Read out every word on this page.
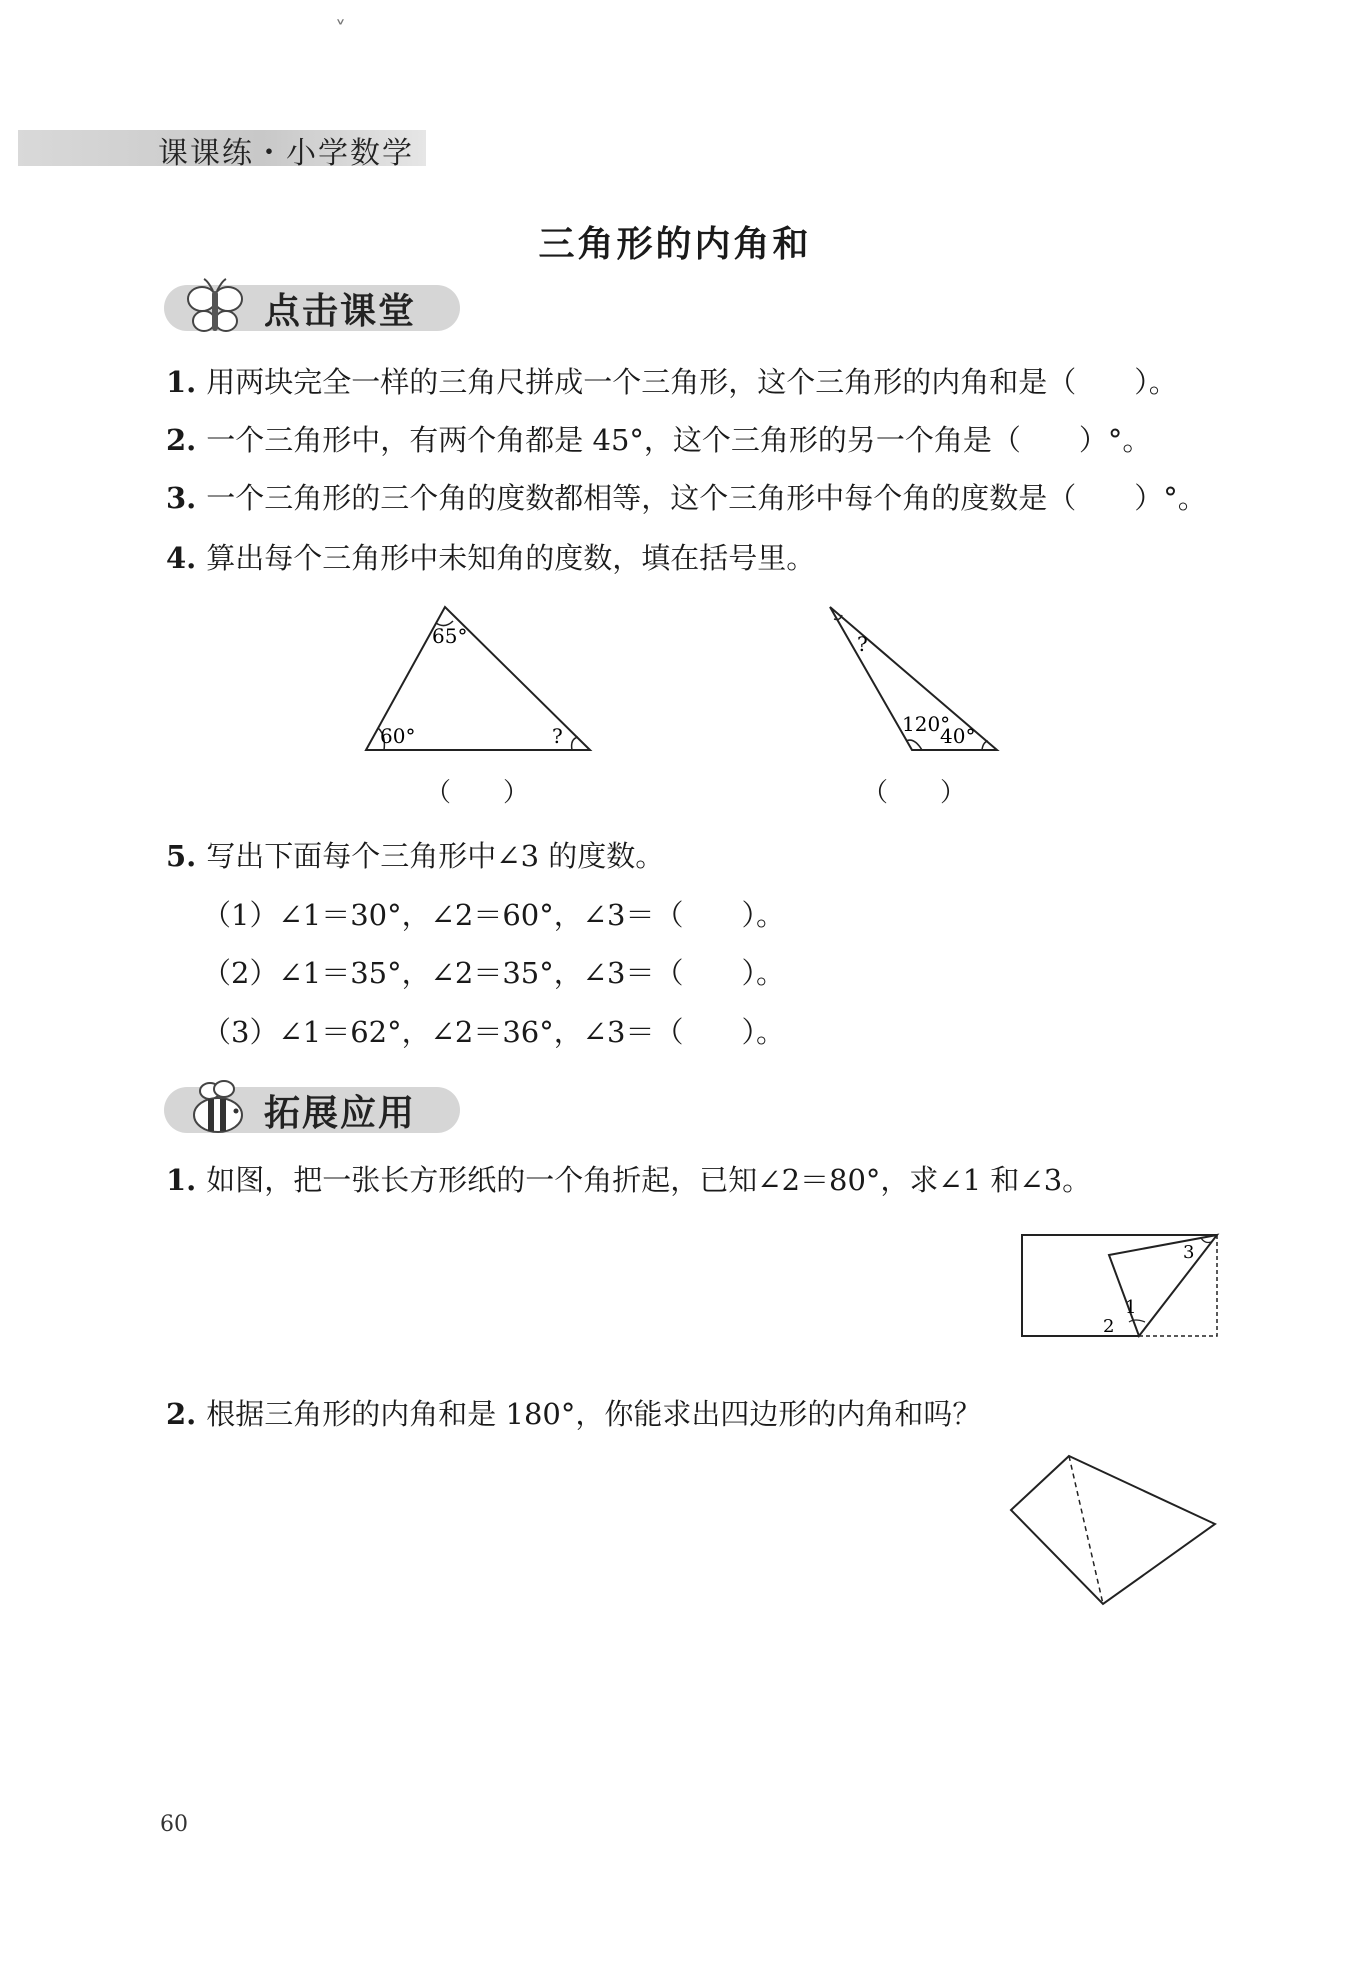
˅
课课练・小学数学
三角形的内角和
点击课堂
1. 用两块完全一样的三角尺拼成一个三角形，这个三角形的内角和是（　　）。
2. 一个三角形中，有两个角都是 45°，这个三角形的另一个角是（　　）°。
3. 一个三角形的三个角的度数都相等，这个三角形中每个角的度数是（　　）°。
4. 算出每个三角形中未知角的度数，填在括号里。
65°
60°	?
?
120°
40°
（　　）	（　　）
5. 写出下面每个三角形中∠3 的度数。
（1）∠1＝30°，∠2＝60°，∠3＝（　　）。
（2）∠1＝35°，∠2＝35°，∠3＝（　　）。
（3）∠1＝62°，∠2＝36°，∠3＝（　　）。
拓展应用
1. 如图，把一张长方形纸的一个角折起，已知∠2＝80°，求∠1 和∠3。
1
2
3
2. 根据三角形的内角和是 180°，你能求出四边形的内角和吗？
60
